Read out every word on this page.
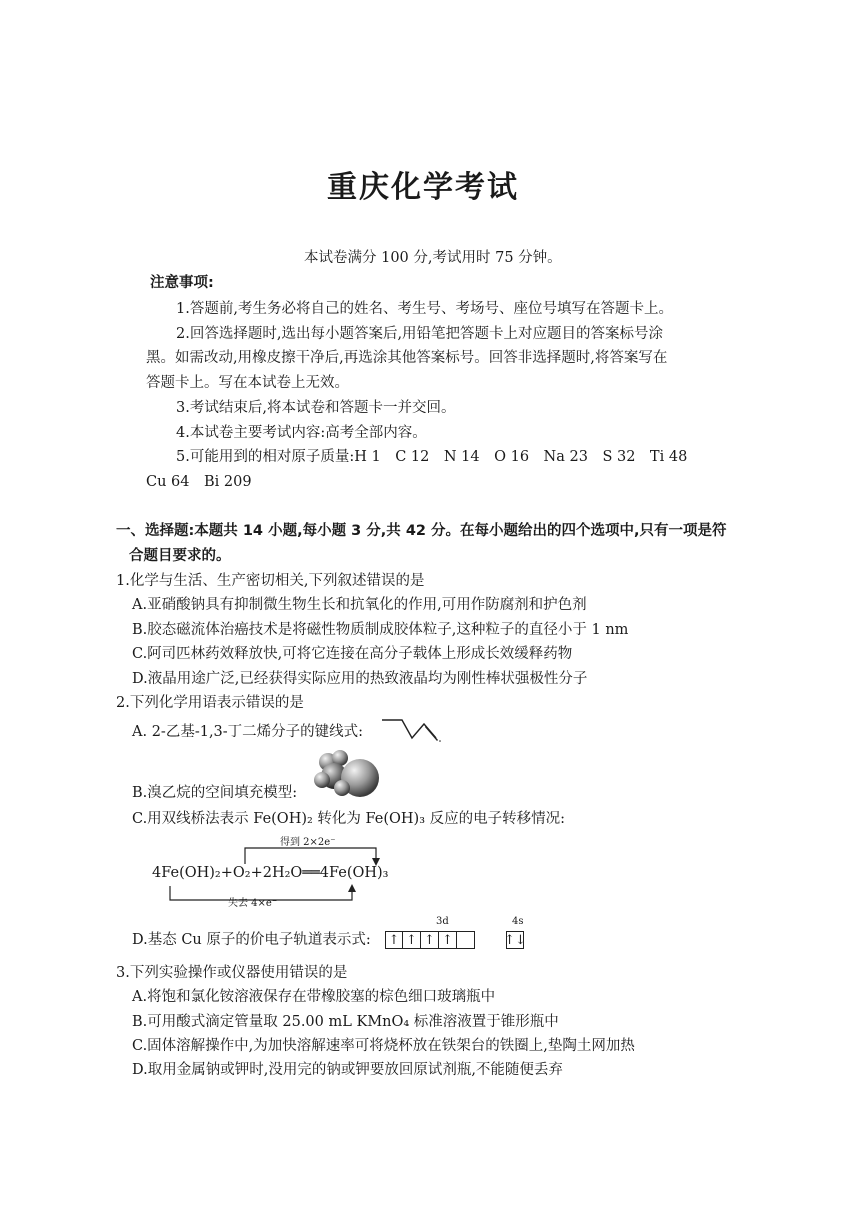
重庆化学考试
本试卷满分 100 分,考试用时 75 分钟。
注意事项:
1.答题前,考生务必将自己的姓名、考生号、考场号、座位号填写在答题卡上。
2.回答选择题时,选出每小题答案后,用铅笔把答题卡上对应题目的答案标号涂
黑。如需改动,用橡皮擦干净后,再选涂其他答案标号。回答非选择题时,将答案写在
答题卡上。写在本试卷上无效。
3.考试结束后,将本试卷和答题卡一并交回。
4.本试卷主要考试内容:高考全部内容。
5.可能用到的相对原子质量:H 1　C 12　N 14　O 16　Na 23　S 32　Ti 48
Cu 64　Bi 209
一、选择题:本题共 14 小题,每小题 3 分,共 42 分。在每小题给出的四个选项中,只有一项是符
合题目要求的。
1.化学与生活、生产密切相关,下列叙述错误的是
A.亚硝酸钠具有抑制微生物生长和抗氧化的作用,可用作防腐剂和护色剂
B.胶态磁流体治癌技术是将磁性物质制成胶体粒子,这种粒子的直径小于 1 nm
C.阿司匹林药效释放快,可将它连接在高分子载体上形成长效缓释药物
D.液晶用途广泛,已经获得实际应用的热致液晶均为刚性棒状强极性分子
2.下列化学用语表示错误的是
A. 2-乙基-1,3-丁二烯分子的键线式:
B.溴乙烷的空间填充模型:
C.用双线桥法表示 Fe(OH)₂ 转化为 Fe(OH)₃ 反应的电子转移情况:
得到 2×2e⁻
4Fe(OH)₂+O₂+2H₂O══4Fe(OH)₃
失去 4×e⁻
D.基态 Cu 原子的价电子轨道表示式:
3d	4s
↑ ↑ ↑ ↑	↑↓
3.下列实验操作或仪器使用错误的是
A.将饱和氯化铵溶液保存在带橡胶塞的棕色细口玻璃瓶中
B.可用酸式滴定管量取 25.00 mL KMnO₄ 标准溶液置于锥形瓶中
C.固体溶解操作中,为加快溶解速率可将烧杯放在铁架台的铁圈上,垫陶土网加热
D.取用金属钠或钾时,没用完的钠或钾要放回原试剂瓶,不能随便丢弃
